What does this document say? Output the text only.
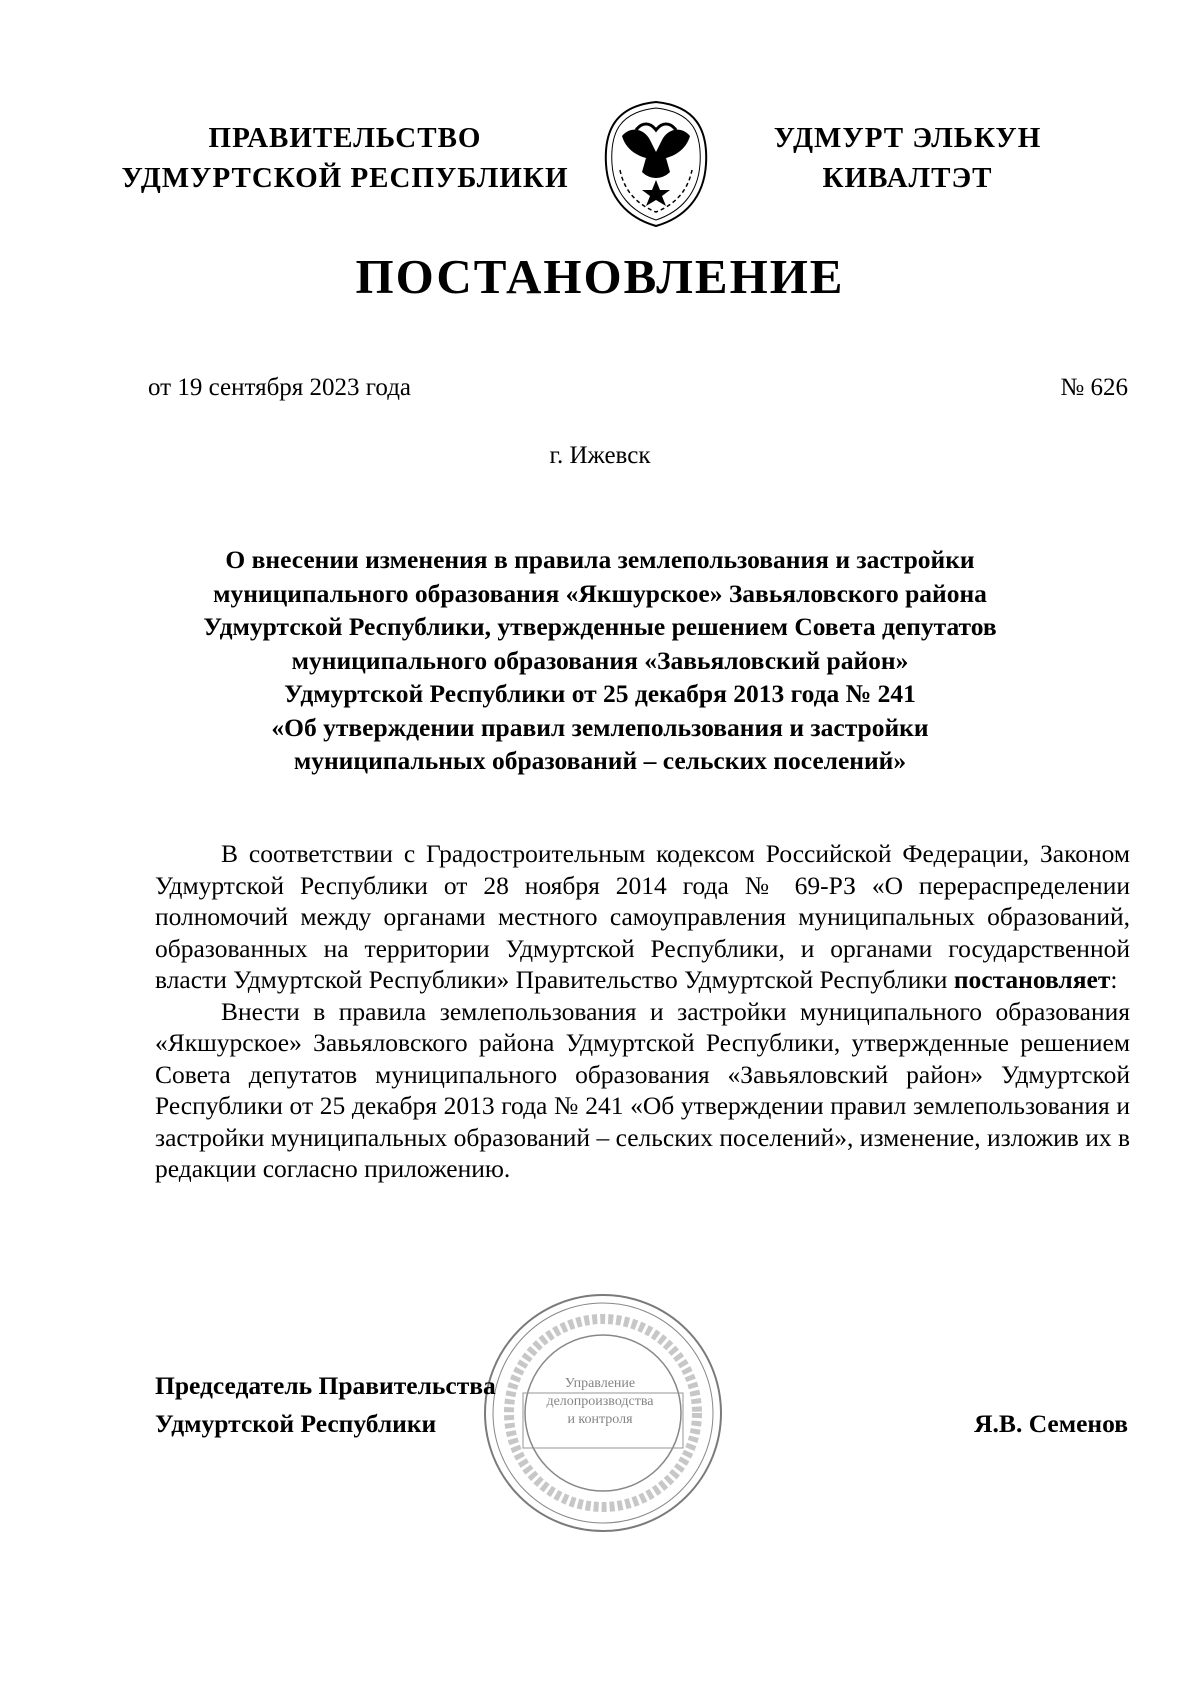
ПРАВИТЕЛЬСТВО
УДМУРТСКОЙ РЕСПУБЛИКИ
УДМУРТ ЭЛЬКУН
КИВАЛТЭТ
ПОСТАНОВЛЕНИЕ
от 19 сентября 2023 года	№ 626
г. Ижевск
О внесении изменения в правила землепользования и застройки
муниципального образования «Якшурское» Завьяловского района
Удмуртской Республики, утвержденные решением Совета депутатов
муниципального образования «Завьяловский район»
Удмуртской Республики от 25 декабря 2013 года № 241
«Об утверждении правил землепользования и застройки
муниципальных образований – сельских поселений»

В соответствии с Градостроительным кодексом Российской Федерации, Законом Удмуртской Республики от 28 ноября 2014 года № 69-РЗ «О перераспределении полномочий между органами местного самоуправления муниципальных образований, образованных на территории Удмуртской Республики, и органами государственной власти Удмуртской Республики» Правительство Удмуртской Республики постановляет:

Внести в правила землепользования и застройки муниципального образования «Якшурское» Завьяловского района Удмуртской Республики, утвержденные решением Совета депутатов муниципального образования «Завьяловский район» Удмуртской Республики от 25 декабря 2013 года № 241 «Об утверждении правил землепользования и застройки муниципальных образований – сельских поселений», изменение, изложив их в редакции согласно приложению.

Управление
делопроизводства
и контроля
Председатель Правительства
Удмуртской Республики	Я.В. Семенов
